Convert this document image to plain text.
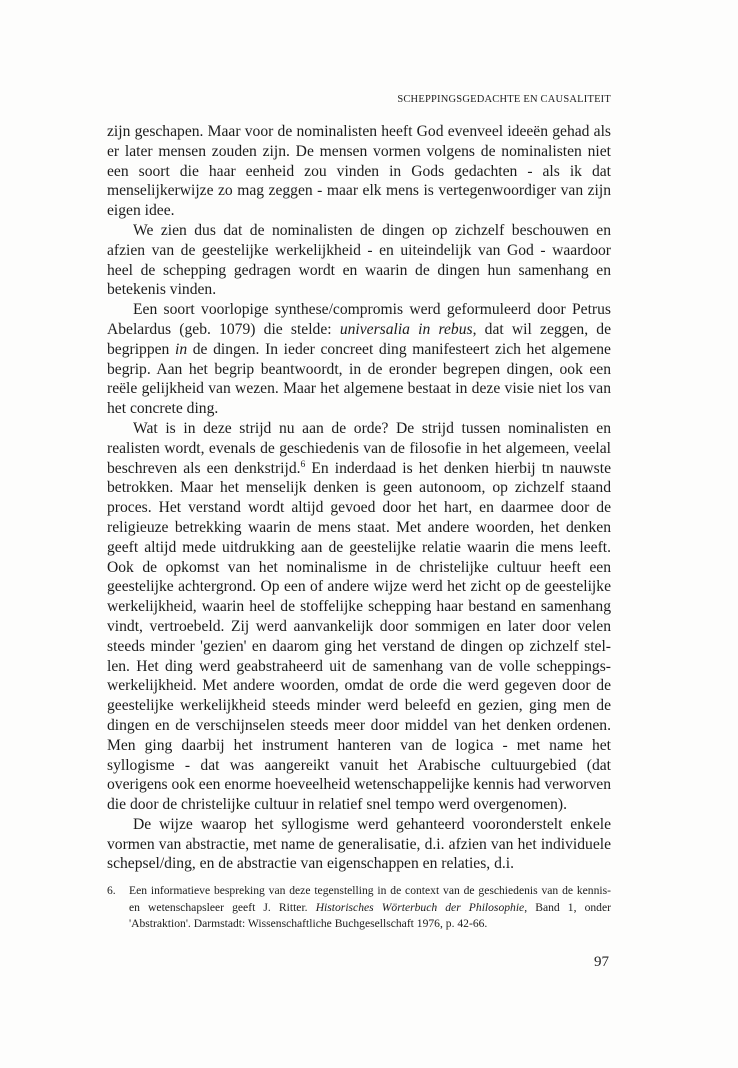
SCHEPPINGSGEDACHTE EN CAUSALITEIT

zijn geschapen. Maar voor de nominalisten heeft God evenveel ideeën gehad als er later mensen zouden zijn. De mensen vormen volgens de nominalisten niet een soort die haar eenheid zou vinden in Gods gedachten - als ik dat menselijkerwijze zo mag zeggen - maar elk mens is vertegenwoordiger van zijn eigen idee.

We zien dus dat de nominalisten de dingen op zichzelf beschouwen en afzien van de geestelijke werkelijkheid - en uiteindelijk van God - waardoor heel de schepping gedragen wordt en waarin de dingen hun samenhang en betekenis vinden.

Een soort voorlopige synthese/compromis werd geformuleerd door Petrus Abelardus (geb. 1079) die stelde: universalia in rebus, dat wil zeggen, de begrippen in de dingen. In ieder concreet ding manifesteert zich het algemene begrip. Aan het begrip beantwoordt, in de eronder begrepen dingen, ook een reële gelijkheid van wezen. Maar het algemene bestaat in deze visie niet los van het concrete ding.

Wat is in deze strijd nu aan de orde? De strijd tussen nominalisten en realisten wordt, evenals de geschiedenis van de filosofie in het algemeen, veelal beschreven als een denkstrijd.$^6$ En inderdaad is het denken hierbij tn nauwste betrokken. Maar het menselijk denken is geen autonoom, op zichzelf staand proces. Het verstand wordt altijd gevoed door het hart, en daarmee door de religieuze betrekking waarin de mens staat. Met andere woorden, het denken geeft altijd mede uitdrukking aan de geestelijke relatie waarin die mens leeft. Ook de opkomst van het nominalisme in de christelijke cultuur heeft een geestelijke achtergrond. Op een of andere wijze werd het zicht op de geestelijke werkelijkheid, waarin heel de stoffelijke schepping haar bestand en samenhang vindt, vertroebeld. Zij werd aanvankelijk door sommigen en later door velen steeds minder 'gezien' en daarom ging het verstand de dingen op zichzelf stel-len. Het ding werd geabstraheerd uit de samenhang van de volle scheppings-werkelijkheid. Met andere woorden, omdat de orde die werd gegeven door de geestelijke werkelijkheid steeds minder werd beleefd en gezien, ging men de dingen en de verschijnselen steeds meer door middel van het denken ordenen. Men ging daarbij het instrument hanteren van de logica - met name het syllogisme - dat was aangereikt vanuit het Arabische cultuurgebied (dat overigens ook een enorme hoeveelheid wetenschappelijke kennis had verworven die door de christelijke cultuur in relatief snel tempo werd overgenomen).

De wijze waarop het syllogisme werd gehanteerd vooronderstelt enkele vormen van abstractie, met name de generalisatie, d.i. afzien van het individuele schepsel/ding, en de abstractie van eigenschappen en relaties, d.i.

6.	Een informatieve bespreking van deze tegenstelling in de context van de geschiedenis van de kennis- en wetenschapsleer geeft J. Ritter. Historisches Wörterbuch der Philosophie, Band 1, onder 'Abstraktion'. Darmstadt: Wissenschaftliche Buchgesellschaft 1976, p. 42-66.
97
